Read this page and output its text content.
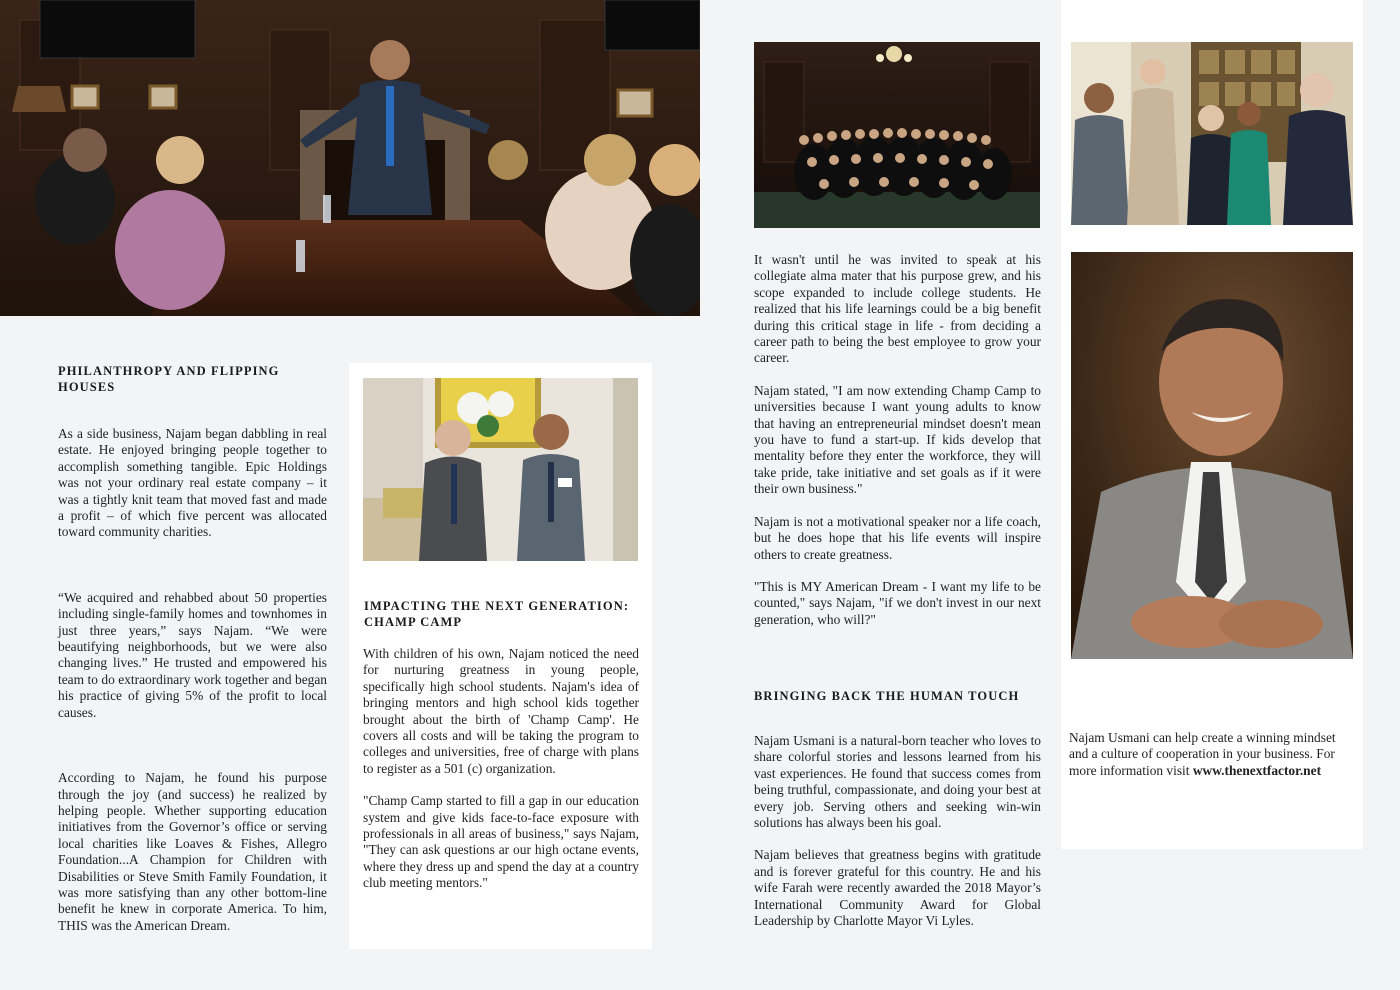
PHILANTHROPY AND FLIPPING HOUSES

As a side business, Najam began dabbling in real estate. He enjoyed bringing people together to accomplish something tangible. Epic Holdings was not your ordinary real estate company – it was a tightly knit team that moved fast and made a profit – of which five percent was allocated toward community charities.

“We acquired and rehabbed about 50 properties including single-family homes and townhomes in just three years,” says Najam. “We were beautifying neighborhoods, but we were also changing lives.” He trusted and empowered his team to do extraordinary work together and began his practice of giving 5% of the profit to local causes.

According to Najam, he found his purpose through the joy (and success) he realized by helping people. Whether supporting education initiatives from the Governor’s office or serving local charities like Loaves & Fishes, Allegro Foundation...A Champion for Children with Disabilities or Steve Smith Family Foundation, it was more satisfying than any other bottom-line benefit he knew in corporate America. To him, THIS was the American Dream.

IMPACTING THE NEXT GENERATION: CHAMP CAMP

With children of his own, Najam noticed the need for nurturing greatness in young people, specifically high school students. Najam's idea of bringing mentors and high school kids together brought about the birth of 'Champ Camp'. He covers all costs and will be taking the program to colleges and universities, free of charge with plans to register as a 501 (c) organization.

"Champ Camp started to fill a gap in our education system and give kids face-to-face exposure with professionals in all areas of business," says Najam, "They can ask questions ar our high octane events, where they dress up and spend the day at a country club meeting mentors."

It wasn't until he was invited to speak at his collegiate alma mater that his purpose grew, and his scope expanded to include college students. He realized that his life learnings could be a big benefit during this critical stage in life - from deciding a career path to being the best employee to grow your career.

Najam stated, "I am now extending Champ Camp to universities because I want young adults to know that having an entrepreneurial mindset doesn't mean you have to fund a start-up. If kids develop that mentality before they enter the workforce, they will take pride, take initiative and set goals as if it were their own business."

Najam is not a motivational speaker nor a life coach, but he does hope that his life events will inspire others to create greatness.

"This is MY American Dream - I want my life to be counted," says Najam, "if we don't invest in our next generation, who will?"

BRINGING BACK THE HUMAN TOUCH

Najam Usmani is a natural-born teacher who loves to share colorful stories and lessons learned from his vast experiences. He found that success comes from being truthful, compassionate, and doing your best at every job. Serving others and seeking win-win solutions has always been his goal.

Najam believes that greatness begins with gratitude and is forever grateful for this country. He and his wife Farah were recently awarded the 2018 Mayor’s International Community Award for Global Leadership by Charlotte Mayor Vi Lyles.

Najam Usmani can help create a winning mindset and a culture of cooperation in your business. For more information visit www.thenextfactor.net
